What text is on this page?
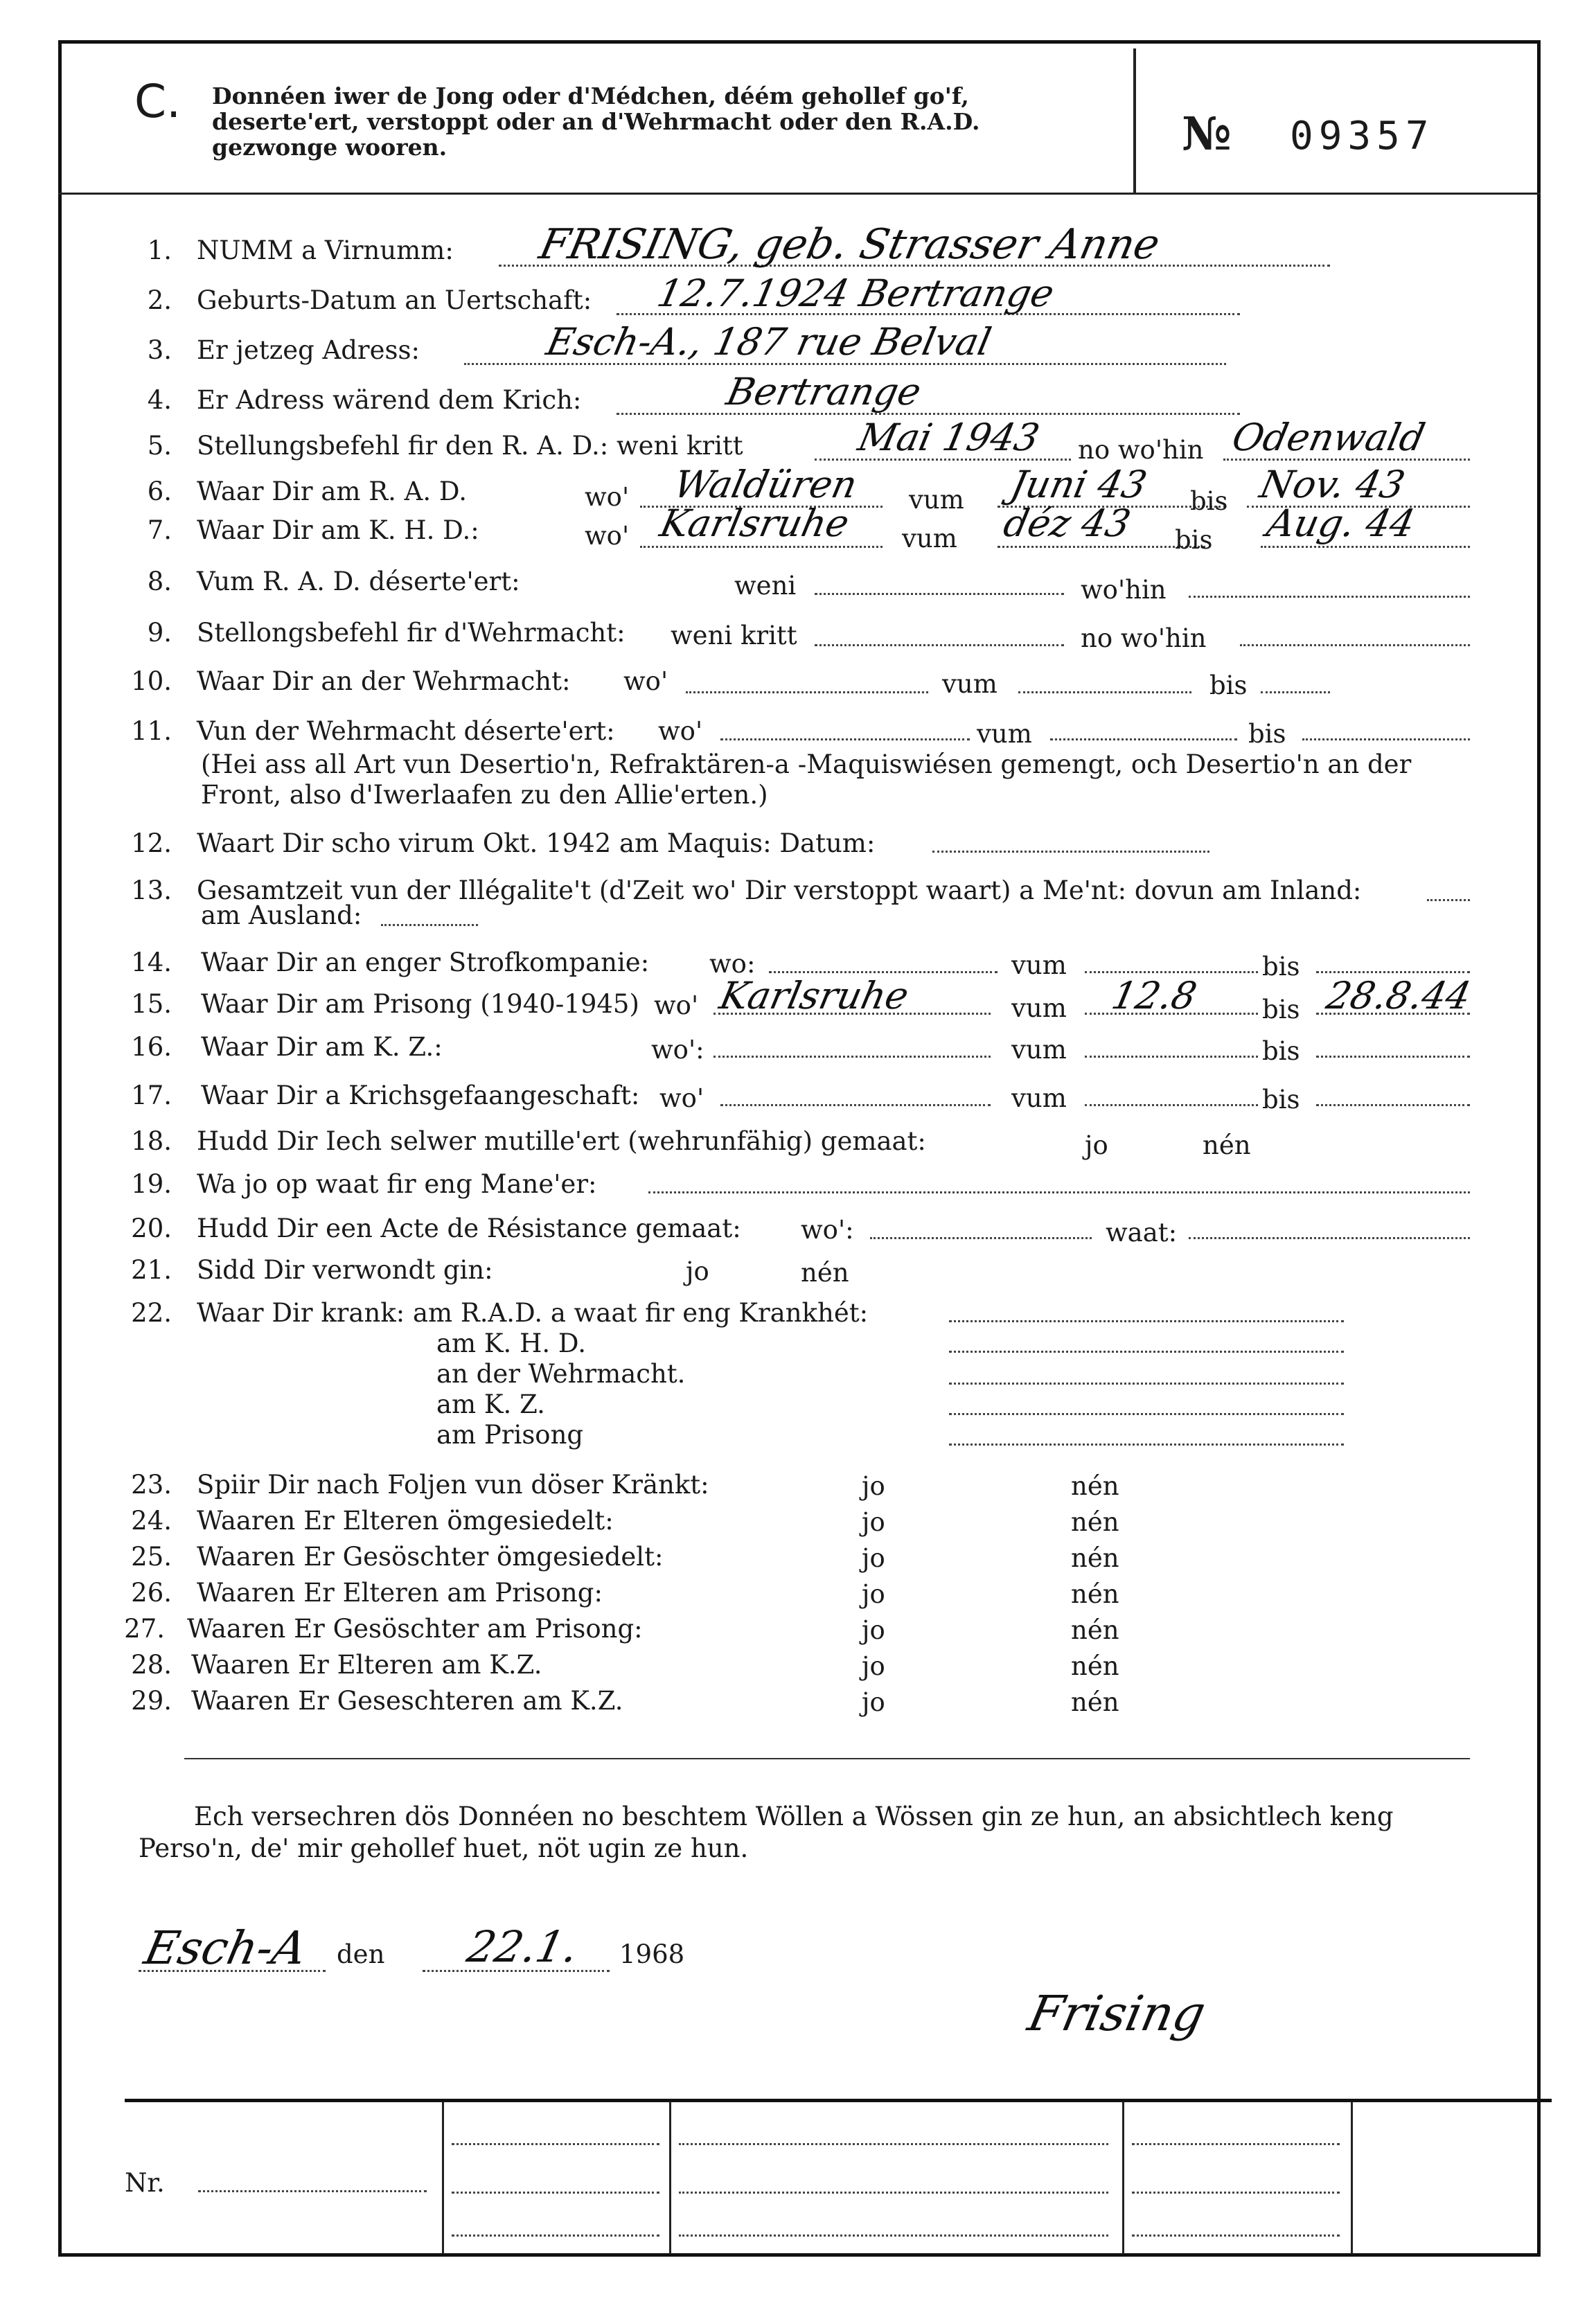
C. Donnéen iwer de Jong oder d'Médchen, déém gehollef go'f, deserte'ert, verstoppt oder an d'Wehrmacht oder den R.A.D. gezwonge wooren.	№ 09357
1. NUMM a Virnumm: FRISING, geb. Strasser Anne
2. Geburts-Datum an Uertschaft: 12.7.1924 Bertrange
3. Er jetzeg Adress:	Esch-A., 187 rue Belval
4. Er Adress wärend dem Krich:	Bertrange
5. Stellungsbefehl fir den R. A. D.: weni kritt	Mai 1943 no wo'hin Odenwald
6. Waar Dir am R. A. D.	wo' Waldüren vum Juni 43 bis Nov. 43
7. Waar Dir am K. H. D.:	wo' Karlsruhe vum déz 43 bis Aug. 44
8. Vum R. A. D. déserte'ert:	weni	wo'hin
9. Stellongsbefehl fir d'Wehrmacht: weni kritt	no wo'hin
10. Waar Dir an der Wehrmacht: wo'	vum	bis
11. Vun der Wehrmacht déserte'ert: wo'	vum	bis
(Hei ass all Art vun Desertio'n, Refraktären-a -Maquiswiésen gemengt, och Desertio'n an der Front, also d'Iwerlaafen zu den Allie'erten.)
12. Waart Dir scho virum Okt. 1942 am Maquis: Datum:
13. Gesamtzeit vun der Illégalite't (d'Zeit wo' Dir verstoppt waart) a Me'nt: dovun am Inland:
am Ausland:
14. Waar Dir an enger Strofkompanie: wo:	vum	bis
15. Waar Dir am Prisong (1940-1945) wo' Karlsruhe	vum 12.8 bis 28.8.44
16. Waar Dir am K. Z.:	wo':	vum	bis
17. Waar Dir a Krichsgefaangeschaft: wo'	vum	bis
18. Hudd Dir Iech selwer mutille'ert (wehrunfähig) gemaat:	jo	nén
19. Wa jo op waat fir eng Mane'er:
20. Hudd Dir een Acte de Résistance gemaat: wo':	waat:
21. Sidd Dir verwondt gin:	jo	nén
22. Waar Dir krank: am R.A.D. a waat fir eng Krankhét:
am K. H. D.
an der Wehrmacht.
am K. Z.
am Prisong
23. Spiir Dir nach Foljen vun döser Kränkt:	jo	nén
24. Waaren Er Elteren ömgesiedelt:	jo	nén
25. Waaren Er Gesöschter ömgesiedelt:	jo	nén
26. Waaren Er Elteren am Prisong:	jo	nén
27. Waaren Er Gesöschter am Prisong:	jo	nén
28. Waaren Er Elteren am K.Z.	jo	nén
29. Waaren Er Geseschteren am K.Z.	jo	nén
Ech versechren dös Donnéen no beschtem Wöllen a Wössen gin ze hun, an absichtlech keng Perso'n, de' mir gehollef huet, nöt ugin ze hun.
Esch-A den 22.1. 1968
Frising
Nr.
